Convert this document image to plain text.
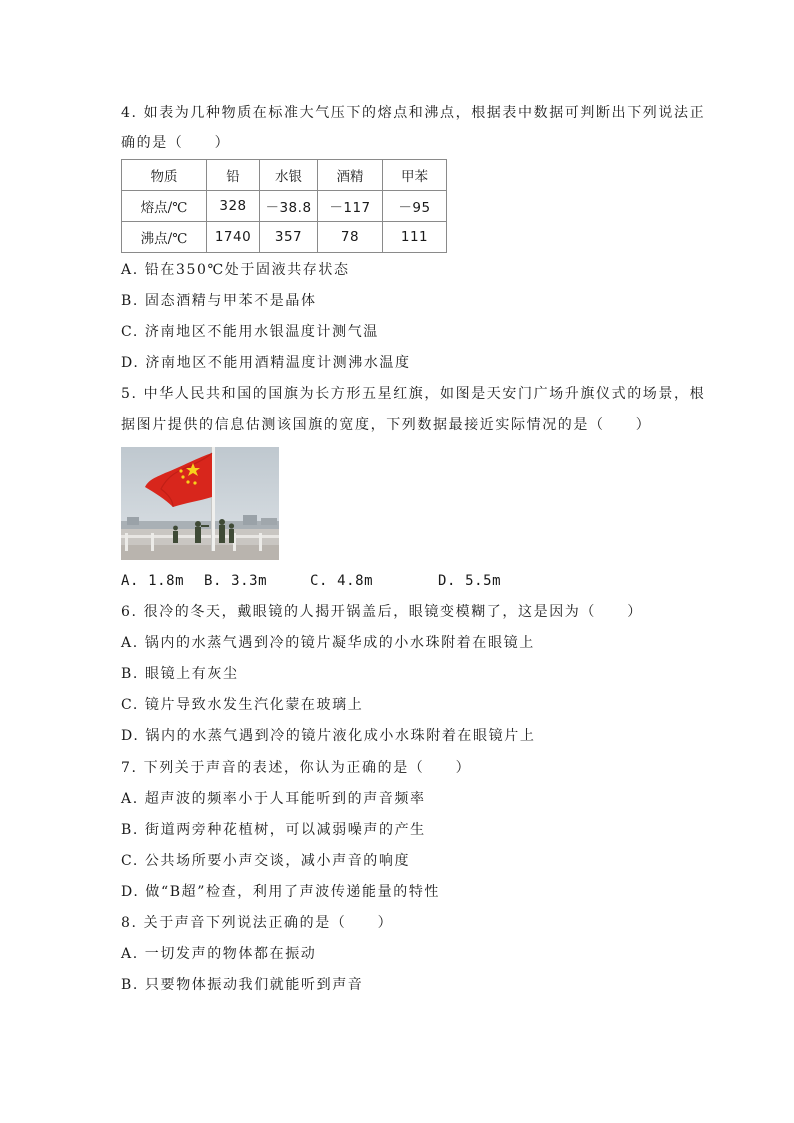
4. 如表为几种物质在标准大气压下的熔点和沸点，根据表中数据可判断出下列说法正
确的是（　　）
物质	铅	水银	酒精	甲苯
熔点/℃	328	－38.8	－117	－95
沸点/℃	1740	357	78	111
A. 铅在350℃处于固液共存状态
B. 固态酒精与甲苯不是晶体
C. 济南地区不能用水银温度计测气温
D. 济南地区不能用酒精温度计测沸水温度
5. 中华人民共和国的国旗为长方形五星红旗，如图是天安门广场升旗仪式的场景，根
据图片提供的信息估测该国旗的宽度，下列数据最接近实际情况的是（　　）
A. 1.8m B. 3.3m	C. 4.8m	D. 5.5m
6. 很冷的冬天，戴眼镜的人揭开锅盖后，眼镜变模糊了，这是因为（　　）
A. 锅内的水蒸气遇到冷的镜片凝华成的小水珠附着在眼镜上
B. 眼镜上有灰尘
C. 镜片导致水发生汽化蒙在玻璃上
D. 锅内的水蒸气遇到冷的镜片液化成小水珠附着在眼镜片上
7. 下列关于声音的表述，你认为正确的是（　　）
A. 超声波的频率小于人耳能听到的声音频率
B. 街道两旁种花植树，可以减弱噪声的产生
C. 公共场所要小声交谈，减小声音的响度
D. 做“B超”检查，利用了声波传递能量的特性
8. 关于声音下列说法正确的是（　　）
A. 一切发声的物体都在振动
B. 只要物体振动我们就能听到声音
